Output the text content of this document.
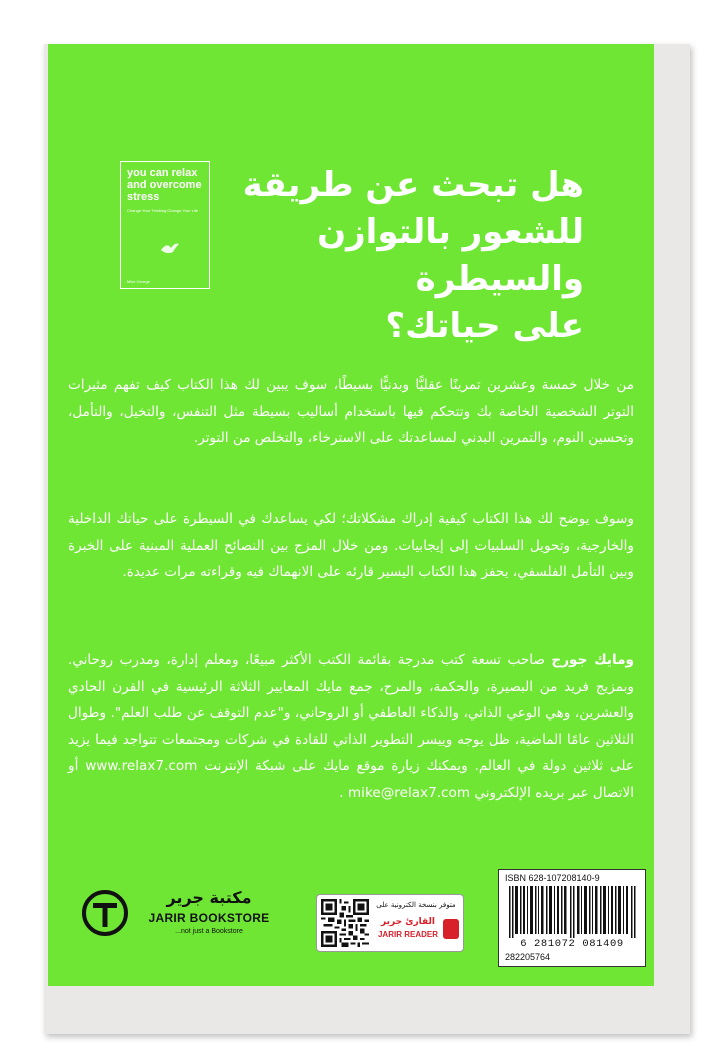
you can relax and overcome stress
Change Your Thinking Change Your Life
Mike George
هل تبحث عن طريقة
للشعور بالتوازن والسيطرة
على حياتك؟

من خلال خمسة وعشرين تمرينًا عقليًّا وبدنيًّا بسيطًا، سوف يبين لك هذا الكتاب كيف تفهم مثيرات التوتر الشخصية الخاصة بك وتتحكم فيها باستخدام أساليب بسيطة مثل التنفس، والتخيل، والتأمل، وتحسين النوم، والتمرين البدني لمساعدتك على الاسترخاء، والتخلص من التوتر.

وسوف يوضح لك هذا الكتاب كيفية إدراك مشكلاتك؛ لكي يساعدك في السيطرة على حياتك الداخلية والخارجية، وتحويل السلبيات إلى إيجابيات. ومن خلال المزج بين النصائح العملية المبنية على الخبرة وبين التأمل الفلسفي، يحفز هذا الكتاب اليسير قارئه على الانهماك فيه وقراءته مرات عديدة.

ومايك جورج صاحب تسعة كتب مدرجة بقائمة الكتب الأكثر مبيعًا، ومعلم إدارة، ومدرب روحاني. وبمزيج فريد من البصيرة، والحكمة، والمرح، جمع مايك المعايير الثلاثة الرئيسية في القرن الحادي والعشرين، وهي الوعي الذاتي، والذكاء العاطفي أو الروحاني، و"عدم التوقف عن طلب العلم". وطوال الثلاثين عامًا الماضية، ظل يوجه وييسر التطوير الذاتي للقادة في شركات ومجتمعات تتواجد فيما يزيد على ثلاثين دولة في العالم. ويمكنك زيارة موقع مايك على شبكة الإنترنت www.relax7.com أو الاتصال عبر بريده الإلكتروني mike@relax7.com .

مكتبة جرير
JARIR BOOKSTORE
...not just a Bookstore
متوفر بنسخة الكترونية على
القارئ جرير
JARIR READER
ISBN 628-107208140-9
6 281072 081409
282205764
